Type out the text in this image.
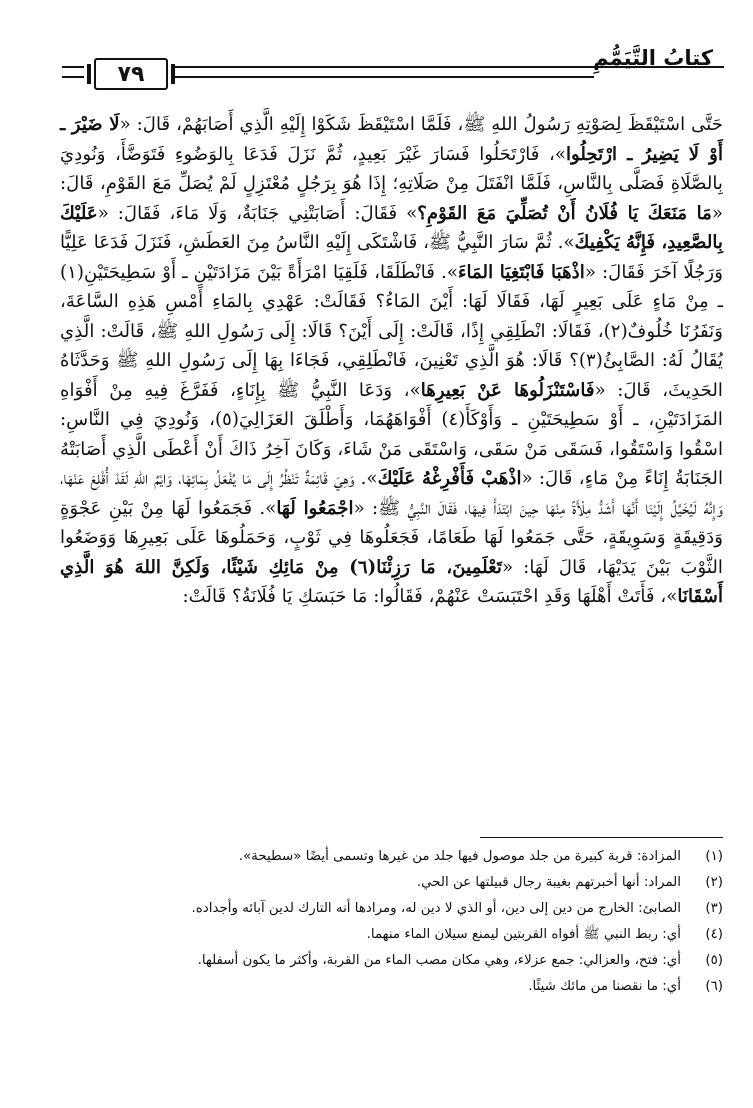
٧٩
كتابُ التَّيَمُّمِ

حَتَّى اسْتَيْقَظَ لِصَوْتِهِ رَسُولُ اللهِ ﷺ، فَلَمَّا اسْتَيْقَظَ شَكَوْا إِلَيْهِ الَّذِي أَصَابَهُمْ، قَالَ: «لَا ضَيْرَ ـ أَوْ لَا يَضِيرُ ـ ارْتَحِلُوا»، فَارْتَحَلُوا فَسَارَ غَيْرَ بَعِيدٍ، ثُمَّ نَزَلَ فَدَعَا بِالوَضُوءِ فَتَوَضَّأَ، وَنُودِيَ بِالصَّلَاةِ فَصَلَّى بِالنَّاسِ، فَلَمَّا انْفَتَلَ مِنْ صَلَاتِهِ؛ إِذَا هُوَ بِرَجُلٍ مُعْتَزِلٍ لَمْ يُصَلِّ مَعَ القَوْمِ، قَالَ: «مَا مَنَعَكَ يَا فُلَانُ أَنْ تُصَلِّيَ مَعَ القَوْمِ؟» فَقَالَ: أَصَابَتْنِي جَنَابَةٌ، وَلَا مَاءَ، فَقَالَ: «عَلَيْكَ بِالصَّعِيدِ، فَإِنَّهُ يَكْفِيكَ». ثُمَّ سَارَ النَّبِيُّ ﷺ، فَاشْتَكَى إِلَيْهِ النَّاسُ مِنَ العَطَشِ، فَنَزَلَ فَدَعَا عَلِيًّا وَرَجُلًا آخَرَ فَقَالَ: «اذْهَبَا فَابْتَغِيَا المَاءَ». فَانْطَلَقَا، فَلَقِيَا امْرَأَةً بَيْنَ مَزَادَتَيْنِ ـ أَوْ سَطِيحَتَيْنِ(١) ـ مِنْ مَاءٍ عَلَى بَعِيرٍ لَهَا، فَقَالَا لَهَا: أَيْنَ المَاءُ؟ فَقَالَتْ: عَهْدِي بِالمَاءِ أَمْسِ هَذِهِ السَّاعَةَ، وَنَفَرُنَا خُلُوفٌ(٢)، فَقَالَا: انْطَلِقِي إِذًا، قَالَتْ: إِلَى أَيْنَ؟ قَالَا: إِلَى رَسُولِ اللهِ ﷺ، قَالَتْ: الَّذِي يُقَالُ لَهُ: الصَّابِئُ(٣)؟ قَالَا: هُوَ الَّذِي تَعْنِينَ، فَانْطَلِقِي، فَجَاءَا بِهَا إِلَى رَسُولِ اللهِ ﷺ وَحَدَّثَاهُ الحَدِيثَ، قَالَ: «فَاسْتَنْزَلُوهَا عَنْ بَعِيرِهَا»، وَدَعَا النَّبِيُّ ﷺ بِإِنَاءٍ، فَفَرَّغَ فِيهِ مِنْ أَفْوَاهِ المَزَادَتَيْنِ، ـ أَوْ سَطِيحَتَيْنِ ـ وَأَوْكَأَ(٤) أَفْوَاهَهُمَا، وَأَطْلَقَ العَزَالِيَ(٥)، وَنُودِيَ فِي النَّاسِ: اسْقُوا وَاسْتَقُوا، فَسَقَى مَنْ سَقَى، وَاسْتَقَى مَنْ شَاءَ، وَكَانَ آخِرُ ذَاكَ أَنْ أَعْطَى الَّذِي أَصَابَتْهُ الجَنَابَةُ إِنَاءً مِنْ مَاءٍ، قَالَ: «اذْهَبْ فَأَفْرِغْهُ عَلَيْكَ». وَهِيَ قَائِمَةٌ تَنْظُرُ إِلَى مَا يُفْعَلُ بِمَائِهَا، وَايْمُ اللهِ لَقَدْ أُقْلِعَ عَنْهَا، وَإِنَّهُ لَيُخَيَّلُ إِلَيْنَا أَنَّهَا أَشَدُّ مِلْأَةً مِنْهَا حِينَ ابْتَدَأَ فِيهَا، فَقَالَ النَّبِيُّ ﷺ: «اجْمَعُوا لَهَا». فَجَمَعُوا لَهَا مِنْ بَيْنِ عَجْوَةٍ وَدَقِيقَةٍ وَسَوِيقَةٍ، حَتَّى جَمَعُوا لَهَا طَعَامًا، فَجَعَلُوهَا فِي ثَوْبٍ، وَحَمَلُوهَا عَلَى بَعِيرِهَا وَوَضَعُوا الثَّوْبَ بَيْنَ يَدَيْهَا، قَالَ لَهَا: «تَعْلَمِينَ، مَا رَزِئْنَا(٦) مِنْ مَائِكِ شَيْئًا، وَلَكِنَّ اللهَ هُوَ الَّذِي أَسْقَانَا»، فَأَتَتْ أَهْلَهَا وَقَدِ احْتَبَسَتْ عَنْهُمْ، فَقَالُوا: مَا حَبَسَكِ يَا فُلَانَةُ؟ قَالَتْ:

(١)
المزادة: قربة كبيرة من جلد موصول فيها جلد من غيرها وتسمى أيضًا «سطيحة».
(٢)
المراد: أنها أخبرتهم بغيبة رجال قبيلتها عن الحي.
(٣)
الصابئ: الخارج من دين إلى دين، أو الذي لا دين له، ومرادها أنه التارك لدين آبائه وأجداده.
(٤)
أي: ربط النبي ﷺ أفواه القربتين ليمنع سيلان الماء منهما.
(٥)
أي: فتح، والعزالي: جمع عزلاء، وهي مكان مصب الماء من القربة، وأكثر ما يكون أسفلها.
(٦)
أي: ما نقصنا من مائك شيئًا.
